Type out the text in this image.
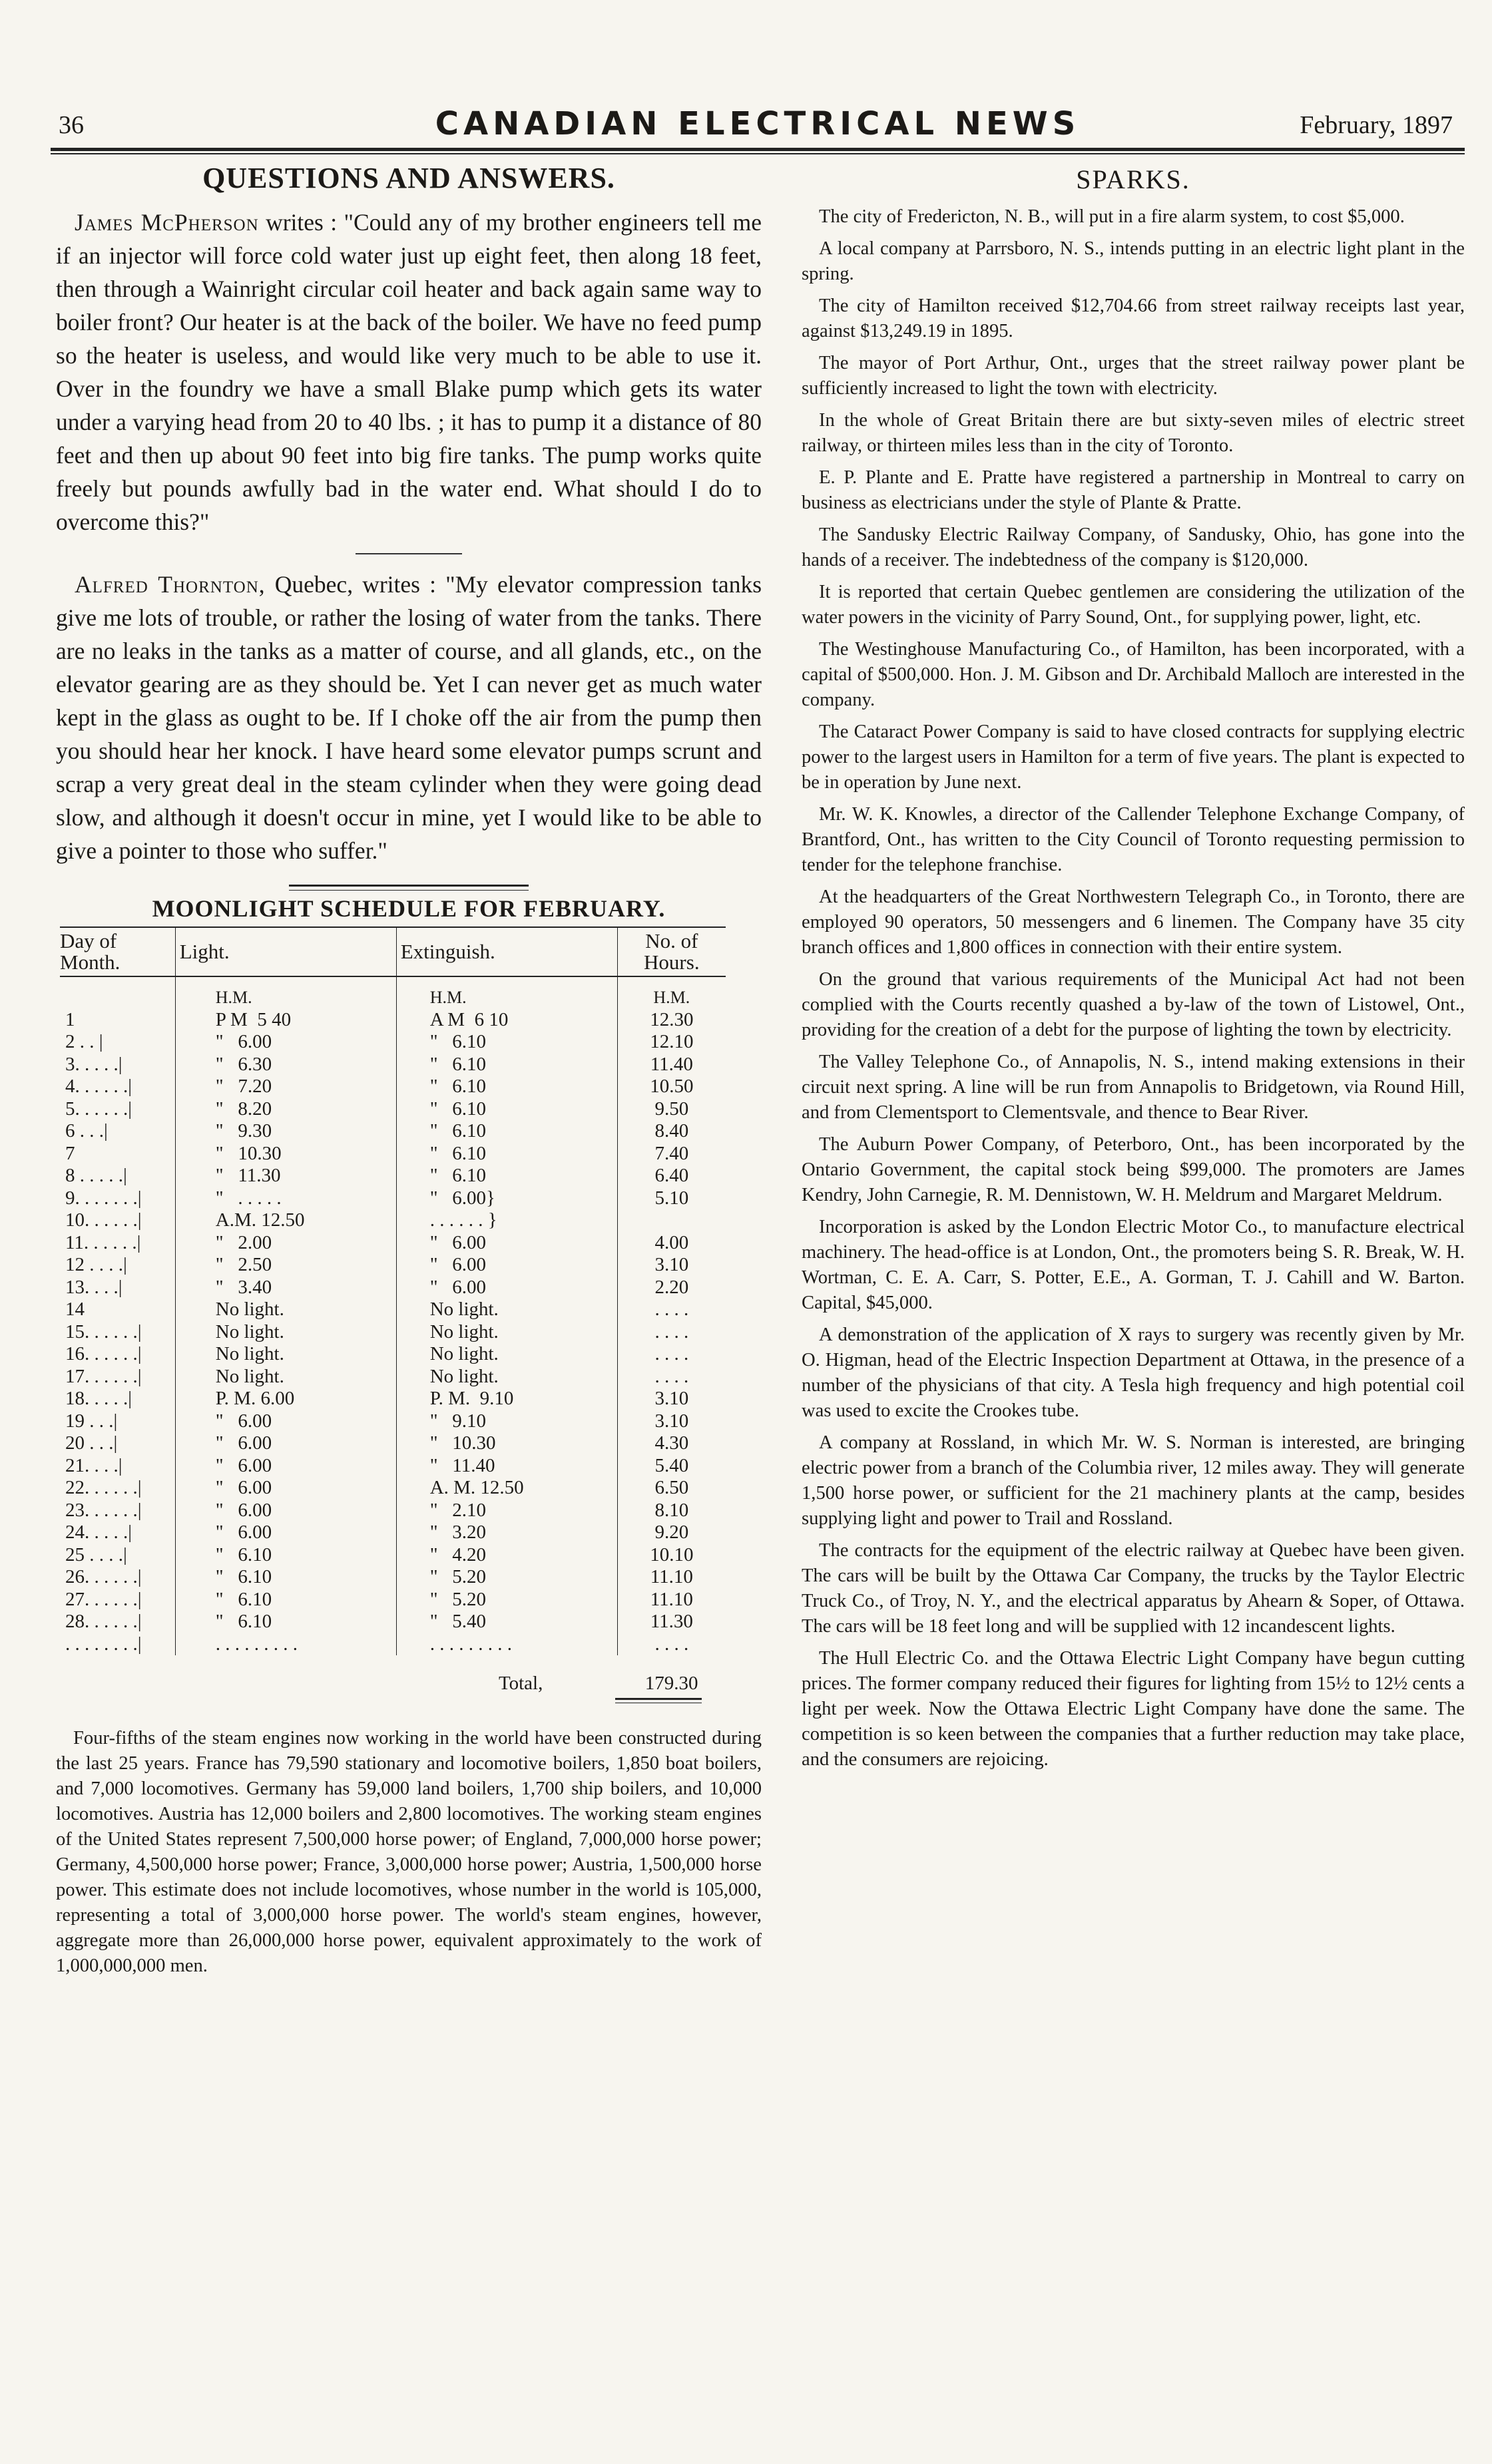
36	CANADIAN ELECTRICAL NEWS	February, 1897
QUESTIONS AND ANSWERS.

James McPherson writes : "Could any of my brother engineers tell me if an injector will force cold water just up eight feet, then along 18 feet, then through a Wainright circular coil heater and back again same way to boiler front? Our heater is at the back of the boiler. We have no feed pump so the heater is useless, and would like very much to be able to use it. Over in the foundry we have a small Blake pump which gets its water under a varying head from 20 to 40 lbs. ; it has to pump it a distance of 80 feet and then up about 90 feet into big fire tanks. The pump works quite freely but pounds awfully bad in the water end. What should I do to overcome this?"

Alfred Thornton, Quebec, writes : "My elevator compression tanks give me lots of trouble, or rather the losing of water from the tanks. There are no leaks in the tanks as a matter of course, and all glands, etc., on the elevator gearing are as they should be. Yet I can never get as much water kept in the glass as ought to be. If I choke off the air from the pump then you should hear her knock. I have heard some elevator pumps scrunt and scrap a very great deal in the steam cylinder when they were going dead slow, and although it doesn't occur in mine, yet I would like to be able to give a pointer to those who suffer."

MOONLIGHT SCHEDULE FOR FEBRUARY.
Day of Month.	Light.	Extinguish.	No. of Hours.
	H.M.	H.M.	H.M.
1	P M  5 40	A M  6 10	12.30
2 . . |	"   6.00	"   6.10	12.10
3. . . . .|	"   6.30	"   6.10	11.40
4. . . . . .|	"   7.20	"   6.10	10.50
5. . . . . .|	"   8.20	"   6.10	9.50
6 . . .|	"   9.30	"   6.10	8.40
7	"   10.30	"   6.10	7.40
8 . . . . .|	"   11.30	"   6.10	6.40
9. . . . . . .|	"   . . . . .	"   6.00}	5.10
10. . . . . .|	A.M. 12.50	. . . . . . }	
11. . . . . .|	"   2.00	"   6.00	4.00
12 . . . .|	"   2.50	"   6.00	3.10
13. . . .|	"   3.40	"   6.00	2.20
14	No light.	No light.	. . . .
15. . . . . .|	No light.	No light.	. . . .
16. . . . . .|	No light.	No light.	. . . .
17. . . . . .|	No light.	No light.	. . . .
18. . . . .|	P. M. 6.00	P. M.  9.10	3.10
19 . . .|	"   6.00	"   9.10	3.10
20 . . .|	"   6.00	"   10.30	4.30
21. . . .|	"   6.00	"   11.40	5.40
22. . . . . .|	"   6.00	A. M. 12.50	6.50
23. . . . . .|	"   6.00	"   2.10	8.10
24. . . . .|	"   6.00	"   3.20	9.20
25 . . . .|	"   6.10	"   4.20	10.10
26. . . . . .|	"   6.10	"   5.20	11.10
27. . . . . .|	"   6.10	"   5.20	11.10
28. . . . . .|	"   6.10	"   5.40	11.30
. . . . . . . .|	. . . . . . . . .	. . . . . . . . .	. . . .
		Total,	179.30

Four-fifths of the steam engines now working in the world have been constructed during the last 25 years. France has 79,590 stationary and locomotive boilers, 1,850 boat boilers, and 7,000 locomotives. Germany has 59,000 land boilers, 1,700 ship boilers, and 10,000 locomotives. Austria has 12,000 boilers and 2,800 locomotives. The working steam engines of the United States represent 7,500,000 horse power; of England, 7,000,000 horse power; Germany, 4,500,000 horse power; France, 3,000,000 horse power; Austria, 1,500,000 horse power. This estimate does not include locomotives, whose number in the world is 105,000, representing a total of 3,000,000 horse power. The world's steam engines, however, aggregate more than 26,000,000 horse power, equivalent approximately to the work of 1,000,000,000 men.

SPARKS.

The city of Fredericton, N. B., will put in a fire alarm system, to cost $5,000.

A local company at Parrsboro, N. S., intends putting in an electric light plant in the spring.

The city of Hamilton received $12,704.66 from street railway receipts last year, against $13,249.19 in 1895.

The mayor of Port Arthur, Ont., urges that the street railway power plant be sufficiently increased to light the town with electricity.

In the whole of Great Britain there are but sixty-seven miles of electric street railway, or thirteen miles less than in the city of Toronto.

E. P. Plante and E. Pratte have registered a partnership in Montreal to carry on business as electricians under the style of Plante & Pratte.

The Sandusky Electric Railway Company, of Sandusky, Ohio, has gone into the hands of a receiver. The indebtedness of the company is $120,000.

It is reported that certain Quebec gentlemen are considering the utilization of the water powers in the vicinity of Parry Sound, Ont., for supplying power, light, etc.

The Westinghouse Manufacturing Co., of Hamilton, has been incorporated, with a capital of $500,000. Hon. J. M. Gibson and Dr. Archibald Malloch are interested in the company.

The Cataract Power Company is said to have closed contracts for supplying electric power to the largest users in Hamilton for a term of five years. The plant is expected to be in operation by June next.

Mr. W. K. Knowles, a director of the Callender Telephone Exchange Company, of Brantford, Ont., has written to the City Council of Toronto requesting permission to tender for the telephone franchise.

At the headquarters of the Great Northwestern Telegraph Co., in Toronto, there are employed 90 operators, 50 messengers and 6 linemen. The Company have 35 city branch offices and 1,800 offices in connection with their entire system.

On the ground that various requirements of the Municipal Act had not been complied with the Courts recently quashed a by-law of the town of Listowel, Ont., providing for the creation of a debt for the purpose of lighting the town by electricity.

The Valley Telephone Co., of Annapolis, N. S., intend making extensions in their circuit next spring. A line will be run from Annapolis to Bridgetown, via Round Hill, and from Clementsport to Clementsvale, and thence to Bear River.

The Auburn Power Company, of Peterboro, Ont., has been incorporated by the Ontario Government, the capital stock being $99,000. The promoters are James Kendry, John Carnegie, R. M. Dennistown, W. H. Meldrum and Margaret Meldrum.

Incorporation is asked by the London Electric Motor Co., to manufacture electrical machinery. The head-office is at London, Ont., the promoters being S. R. Break, W. H. Wortman, C. E. A. Carr, S. Potter, E.E., A. Gorman, T. J. Cahill and W. Barton. Capital, $45,000.

A demonstration of the application of X rays to surgery was recently given by Mr. O. Higman, head of the Electric Inspection Department at Ottawa, in the presence of a number of the physicians of that city. A Tesla high frequency and high potential coil was used to excite the Crookes tube.

A company at Rossland, in which Mr. W. S. Norman is interested, are bringing electric power from a branch of the Columbia river, 12 miles away. They will generate 1,500 horse power, or sufficient for the 21 machinery plants at the camp, besides supplying light and power to Trail and Rossland.

The contracts for the equipment of the electric railway at Quebec have been given. The cars will be built by the Ottawa Car Company, the trucks by the Taylor Electric Truck Co., of Troy, N. Y., and the electrical apparatus by Ahearn & Soper, of Ottawa. The cars will be 18 feet long and will be supplied with 12 incandescent lights.

The Hull Electric Co. and the Ottawa Electric Light Company have begun cutting prices. The former company reduced their figures for lighting from 15½ to 12½ cents a light per week. Now the Ottawa Electric Light Company have done the same. The competition is so keen between the companies that a further reduction may take place, and the consumers are rejoicing.
